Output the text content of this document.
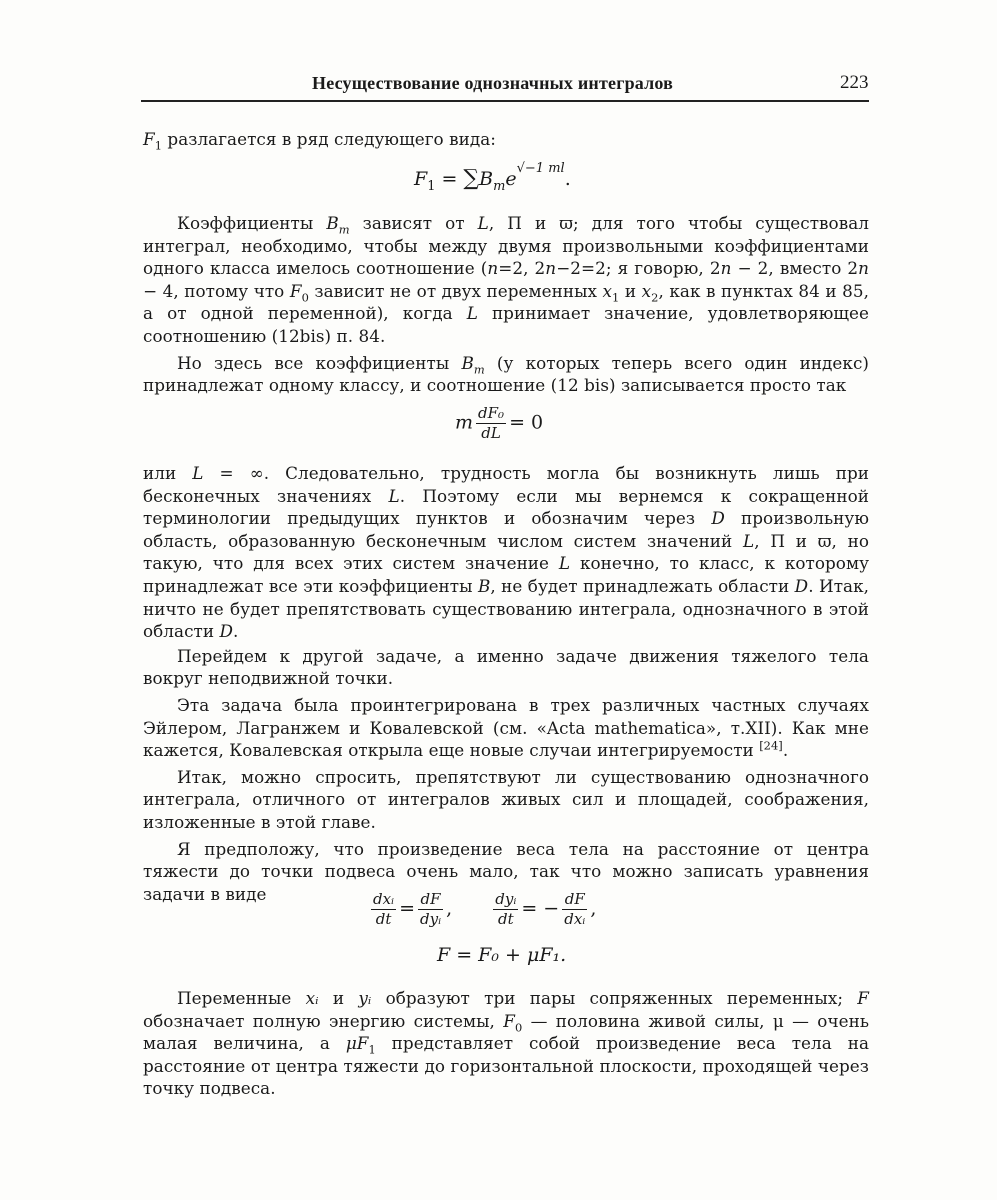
Несуществование однозначных интегралов	223

$F_1$ разлагается в ряд следующего вида:

$F_1 = \sum B_me^{√-1 ml}$.

Коэффициенты $B_m$ зависят от L, П и ϖ; для того чтобы существовал интеграл, необходимо, чтобы между двумя произвольными коэффициентами одного класса имелось соотношение (n=2, 2n−2=2; я говорю, 2n − 2, вместо 2n − 4, потому что $F_0$ зависит не от двух переменных $x_1$ и $x_2$, как в пунктах 84 и 85, а от одной переменной), когда L принимает значение, удовлетворяющее соотношению (12bis) п. 84.

Но здесь все коэффициенты $B_m$ (у которых теперь всего один индекс) принадлежат одному классу, и соотношение (12 bis) записывается просто так

m $\frac{\text{dF₀}}{dL} = 0$

или L = ∞. Следовательно, трудность могла бы возникнуть лишь при бесконечных значениях L. Поэтому если мы вернемся к сокращенной терминологии предыдущих пунктов и обозначим через D произвольную область, образованную бесконечным числом систем значений L, П и ϖ, но такую, что для всех этих систем значение L конечно, то класс, к которому принадлежат все эти коэффициенты B, не будет принадлежать области D. Итак, ничто не будет препятствовать существованию интеграла, однозначного в этой области D.

Перейдем к другой задаче, а именно задаче движения тяжелого тела вокруг неподвижной точки.

Эта задача была проинтегрирована в трех различных частных случаях Эйлером, Лагранжем и Ковалевской (см. «Acta mathematica», т.XII). Как мне кажется, Ковалевская открыла еще новые случаи интегрируемости [24].

Итак, можно спросить, препятствуют ли существованию однозначного интеграла, отличного от интегралов живых сил и площадей, соображения, изложенные в этой главе.

Я предположу, что произведение веса тела на расстояние от центра тяжести до точки подвеса очень мало, так что можно записать уравнения задачи в виде	$\frac{\text{dxᵢ}}{dt} = \frac{dF}{\text{dyᵢ}}$ ,	$\frac{\text{dyᵢ}}{dt}$ = − $\frac{dF}{\text{dxᵢ}}$ ,
F = F₀ + μF₁.

Переменные xᵢ и yᵢ образуют три пары сопряженных переменных; F обозначает полную энергию системы, $F_0$ — половина живой силы, μ — очень малая величина, а $\mu F_1$ представляет собой произведение веса тела на расстояние от центра тяжести до горизонтальной плоскости, проходящей через точку подвеса.
